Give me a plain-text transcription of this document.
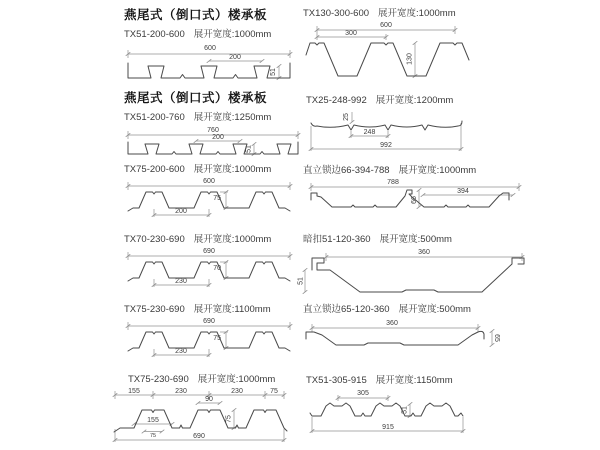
燕尾式（倒口式）楼承板
TX51-200-600 展开宽度:1000mm
600
200
51
燕尾式（倒口式）楼承板
TX51-200-760 展开宽度:1250mm
760
200
51
TX75-200-600 展开宽度:1000mm
600
75
200
TX70-230-690 展开宽度:1000mm
690
70
230
TX75-230-690 展开宽度:1100mm
690
75
230
TX75-230-690 展开宽度:1000mm
155	230	230	75
90
155
75
75
690
TX130-300-600 展开宽度:1000mm
600
300
130
TX25-248-992 展开宽度:1200mm
25
248
992
直立锁边66-394-788 展开宽度:1000mm
788
394
66
暗扣51-120-360 展开宽度:500mm
360
51
直立锁边65-120-360 展开宽度:500mm
360
65
TX51-305-915 展开宽度:1150mm
305
51
915
